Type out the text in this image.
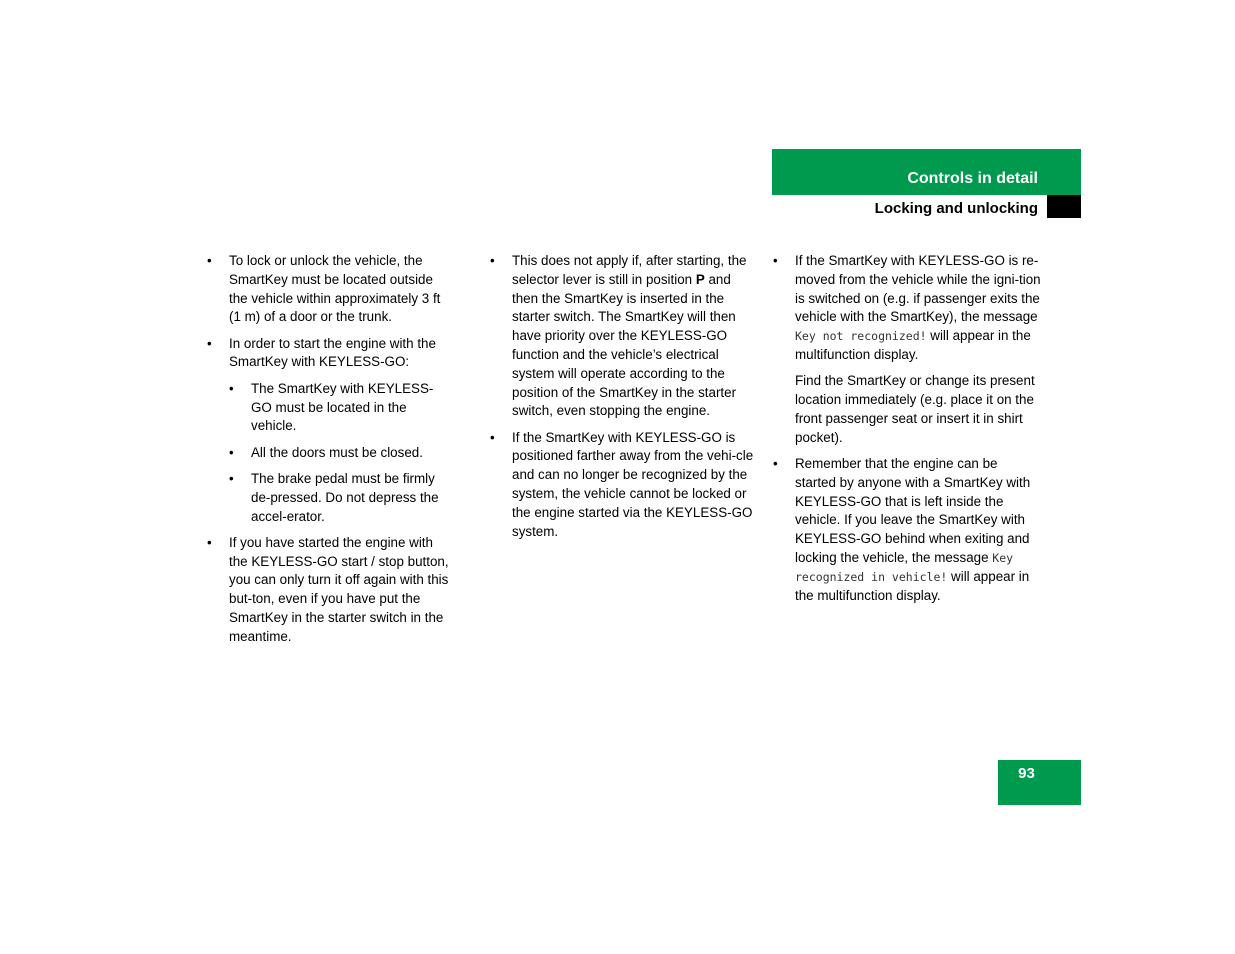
Controls in detail
Locking and unlocking
• To lock or unlock the vehicle, the SmartKey must be located outside the vehicle within approximately 3 ft (1 m) of a door or the trunk.
• In order to start the engine with the SmartKey with KEYLESS-GO:
• The SmartKey with KEYLESS-GO must be located in the vehicle.
• All the doors must be closed.
• The brake pedal must be firmly de-pressed. Do not depress the accel-erator.
• If you have started the engine with the KEYLESS-GO start / stop button, you can only turn it off again with this but-ton, even if you have put the SmartKey in the starter switch in the meantime.
• This does not apply if, after starting, the selector lever is still in position P and then the SmartKey is inserted in the starter switch. The SmartKey will then have priority over the KEYLESS-GO function and the vehicle’s electrical system will operate according to the position of the SmartKey in the starter switch, even stopping the engine.
• If the SmartKey with KEYLESS-GO is positioned farther away from the vehi-cle and can no longer be recognized by the system, the vehicle cannot be locked or the engine started via the KEYLESS-GO system.
• If the SmartKey with KEYLESS-GO is re-moved from the vehicle while the igni-tion is switched on (e.g. if passenger exits the vehicle with the SmartKey), the message Key not recognized! will appear in the multifunction display.
Find the SmartKey or change its present location immediately (e.g. place it on the front passenger seat or insert it in shirt pocket).
• Remember that the engine can be started by anyone with a SmartKey with KEYLESS-GO that is left inside the vehicle. If you leave the SmartKey with KEYLESS-GO behind when exiting and locking the vehicle, the message Key recognized in vehicle! will appear in the multifunction display.
93
